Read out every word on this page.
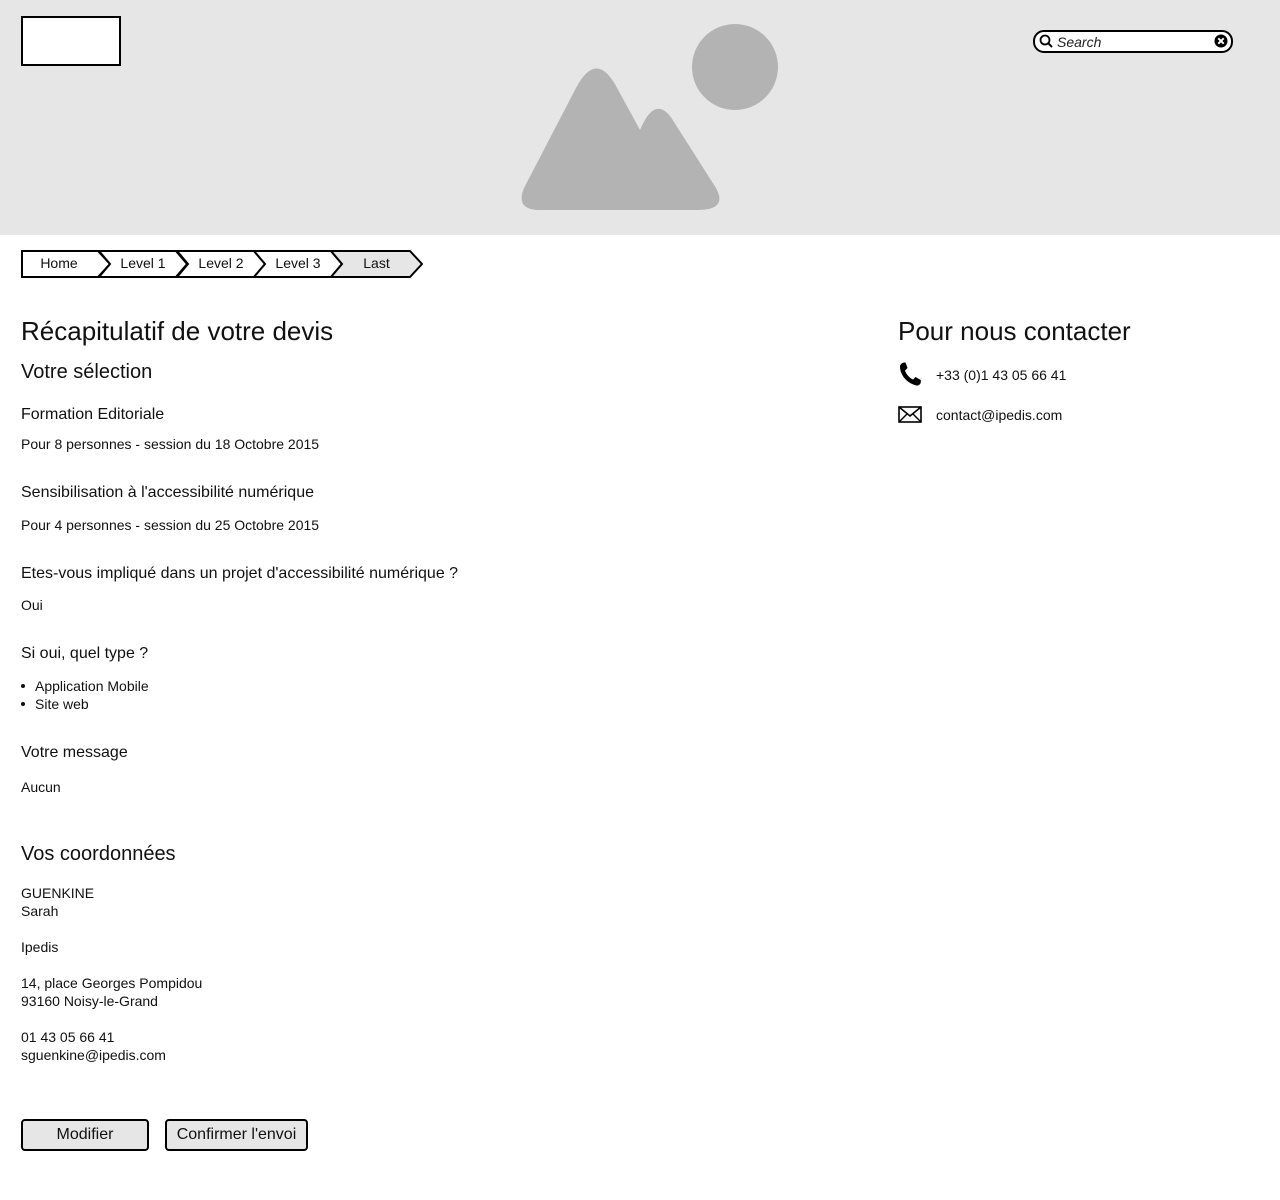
Search
Home	Level 1	Level 2	Level 3	Last
Récapitulatif de votre devis
Votre sélection
Formation Editoriale
Pour 8 personnes - session du 18 Octobre 2015
Sensibilisation à l'accessibilité numérique
Pour 4 personnes - session du 25 Octobre 2015
Etes-vous impliqué dans un projet d'accessibilité numérique ?
Oui
Si oui, quel type ?
Application Mobile
Site web
Votre message
Aucun
Vos coordonnées
GUENKINE
Sarah
Ipedis
14, place Georges Pompidou
93160 Noisy-le-Grand
01 43 05 66 41
sguenkine@ipedis.com
Modifier	Confirmer l'envoi
Pour nous contacter
+33 (0)1 43 05 66 41
contact@ipedis.com
